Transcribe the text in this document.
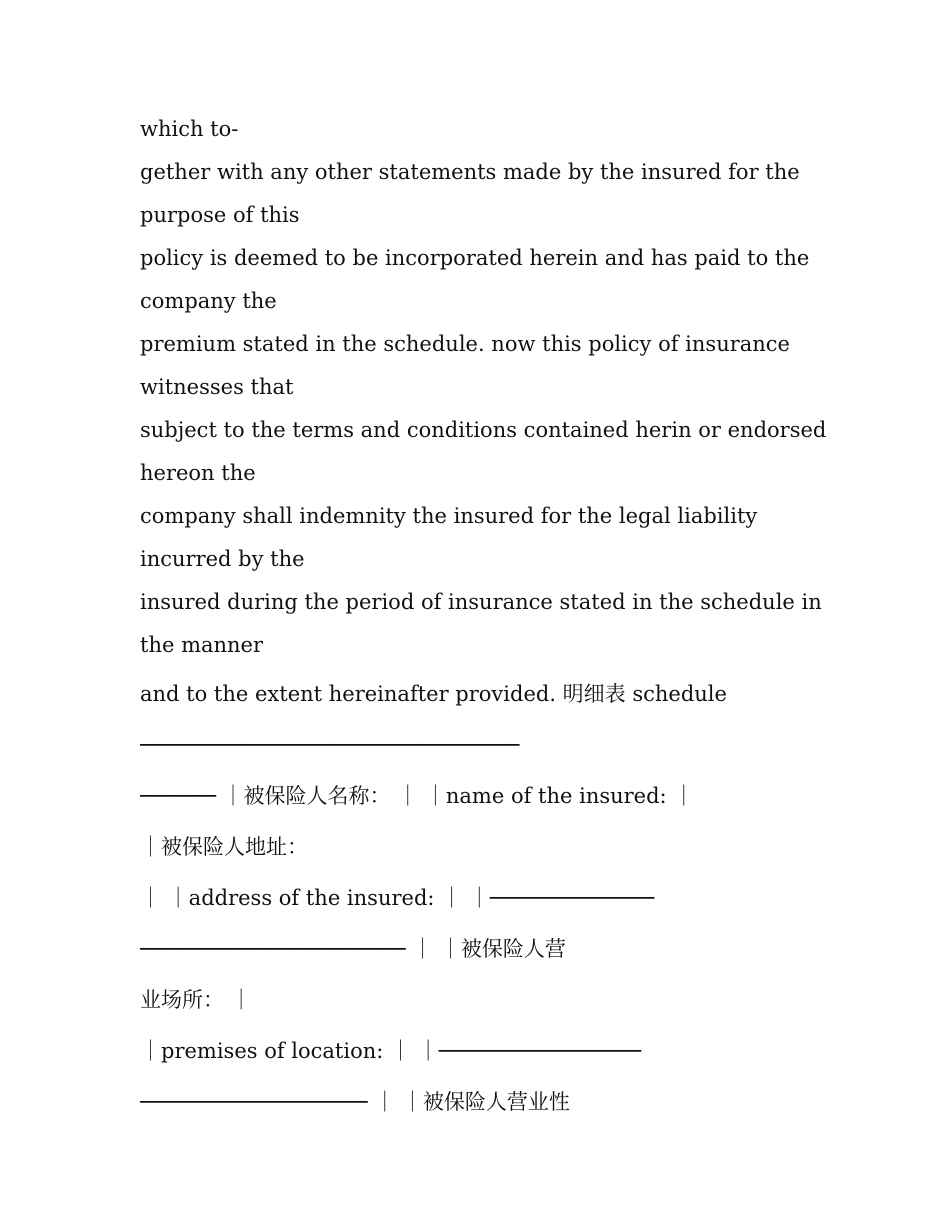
which to-

gether with any other statements made by the insured for the

purpose of this

policy is deemed to be incorporated herein and has paid to the

company the

premium stated in the schedule. now this policy of insurance

witnesses that

subject to the terms and conditions contained herin or endorsed

hereon the

company shall indemnity the insured for the legal liability

incurred by the

insured during the period of insurance stated in the schedule in

the manner

and to the extent hereinafter provided. 明细表 schedule

──────────────────────────────

────── ｜被保险人名称： ｜ ｜name of the insured: ｜

｜被保险人地址：

｜ ｜address of the insured: ｜ ｜─────────────

───────────────────── ｜ ｜被保险人营

业场所： ｜

｜premises of location: ｜ ｜────────────────

────────────────── ｜ ｜被保险人营业性
